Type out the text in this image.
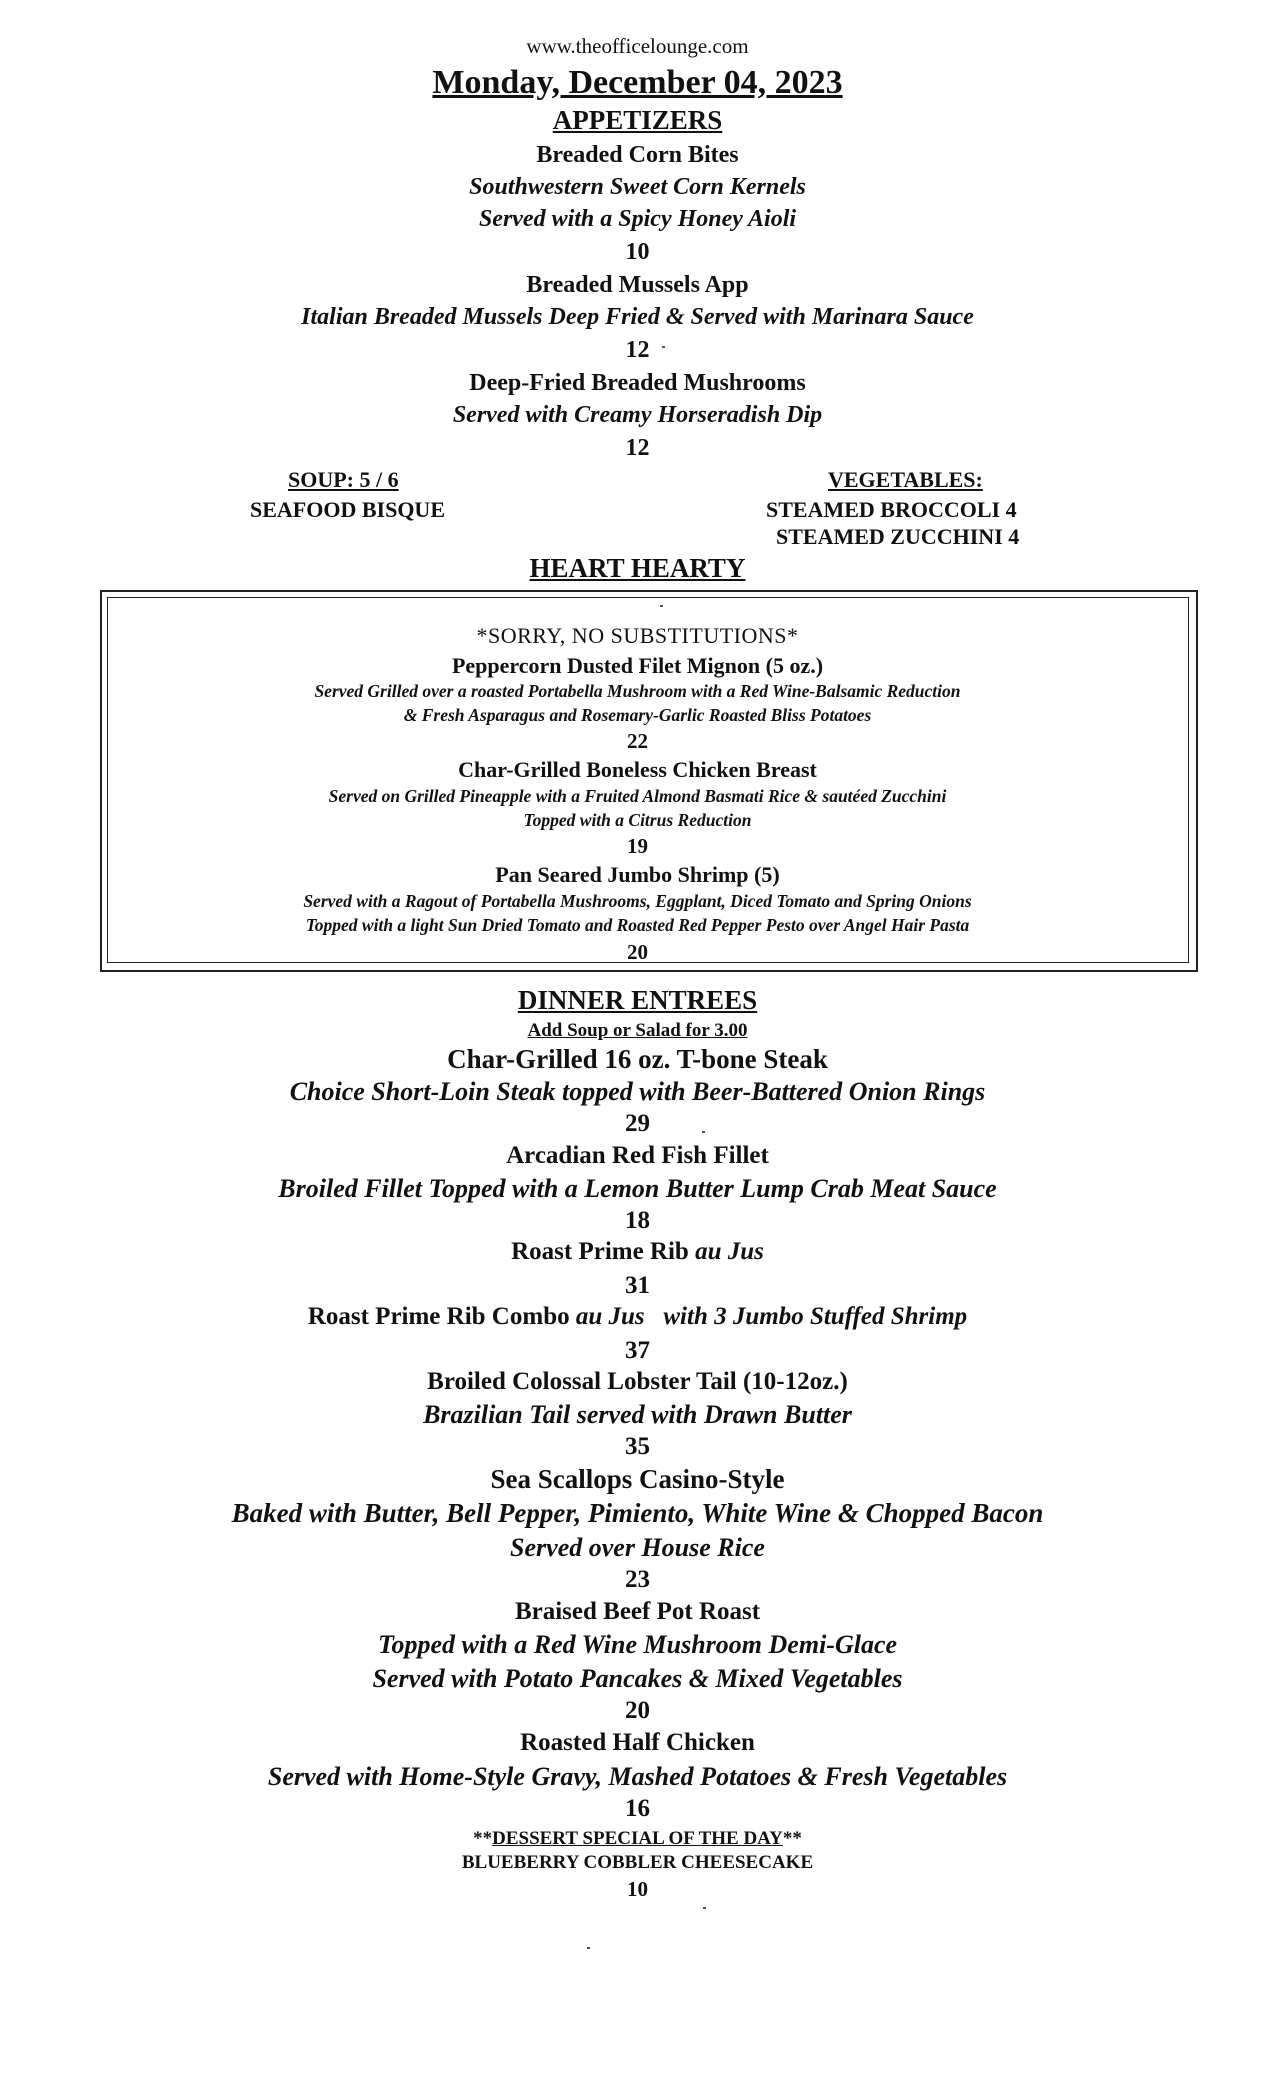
www.theofficelounge.com
Monday, December 04, 2023
APPETIZERS
Breaded Corn Bites
Southwestern Sweet Corn Kernels
Served with a Spicy Honey Aioli
10
Breaded Mussels App
Italian Breaded Mussels Deep Fried & Served with Marinara Sauce
12
Deep-Fried Breaded Mushrooms
Served with Creamy Horseradish Dip
12
SOUP: 5 / 6
SEAFOOD BISQUE
VEGETABLES:
STEAMED BROCCOLI 4
STEAMED ZUCCHINI 4
HEART HEARTY
*SORRY, NO SUBSTITUTIONS*
Peppercorn Dusted Filet Mignon (5 oz.)
Served Grilled over a roasted Portabella Mushroom with a Red Wine-Balsamic Reduction
& Fresh Asparagus and Rosemary-Garlic Roasted Bliss Potatoes
22
Char-Grilled Boneless Chicken Breast
Served on Grilled Pineapple with a Fruited Almond Basmati Rice & sautéed Zucchini
Topped with a Citrus Reduction
19
Pan Seared Jumbo Shrimp (5)
Served with a Ragout of Portabella Mushrooms, Eggplant, Diced Tomato and Spring Onions
Topped with a light Sun Dried Tomato and Roasted Red Pepper Pesto over Angel Hair Pasta
20
DINNER ENTREES
Add Soup or Salad for 3.00
Char-Grilled 16 oz. T-bone Steak
Choice Short-Loin Steak topped with Beer-Battered Onion Rings
29
Arcadian Red Fish Fillet
Broiled Fillet Topped with a Lemon Butter Lump Crab Meat Sauce
18
Roast Prime Rib au Jus
31
Roast Prime Rib Combo au Jus   with 3 Jumbo Stuffed Shrimp
37
Broiled Colossal Lobster Tail (10-12oz.)
Brazilian Tail served with Drawn Butter
35
Sea Scallops Casino-Style
Baked with Butter, Bell Pepper, Pimiento, White Wine & Chopped Bacon
Served over House Rice
23
Braised Beef Pot Roast
Topped with a Red Wine Mushroom Demi-Glace
Served with Potato Pancakes & Mixed Vegetables
20
Roasted Half Chicken
Served with Home-Style Gravy, Mashed Potatoes & Fresh Vegetables
16
**DESSERT SPECIAL OF THE DAY**
BLUEBERRY COBBLER CHEESECAKE
10
